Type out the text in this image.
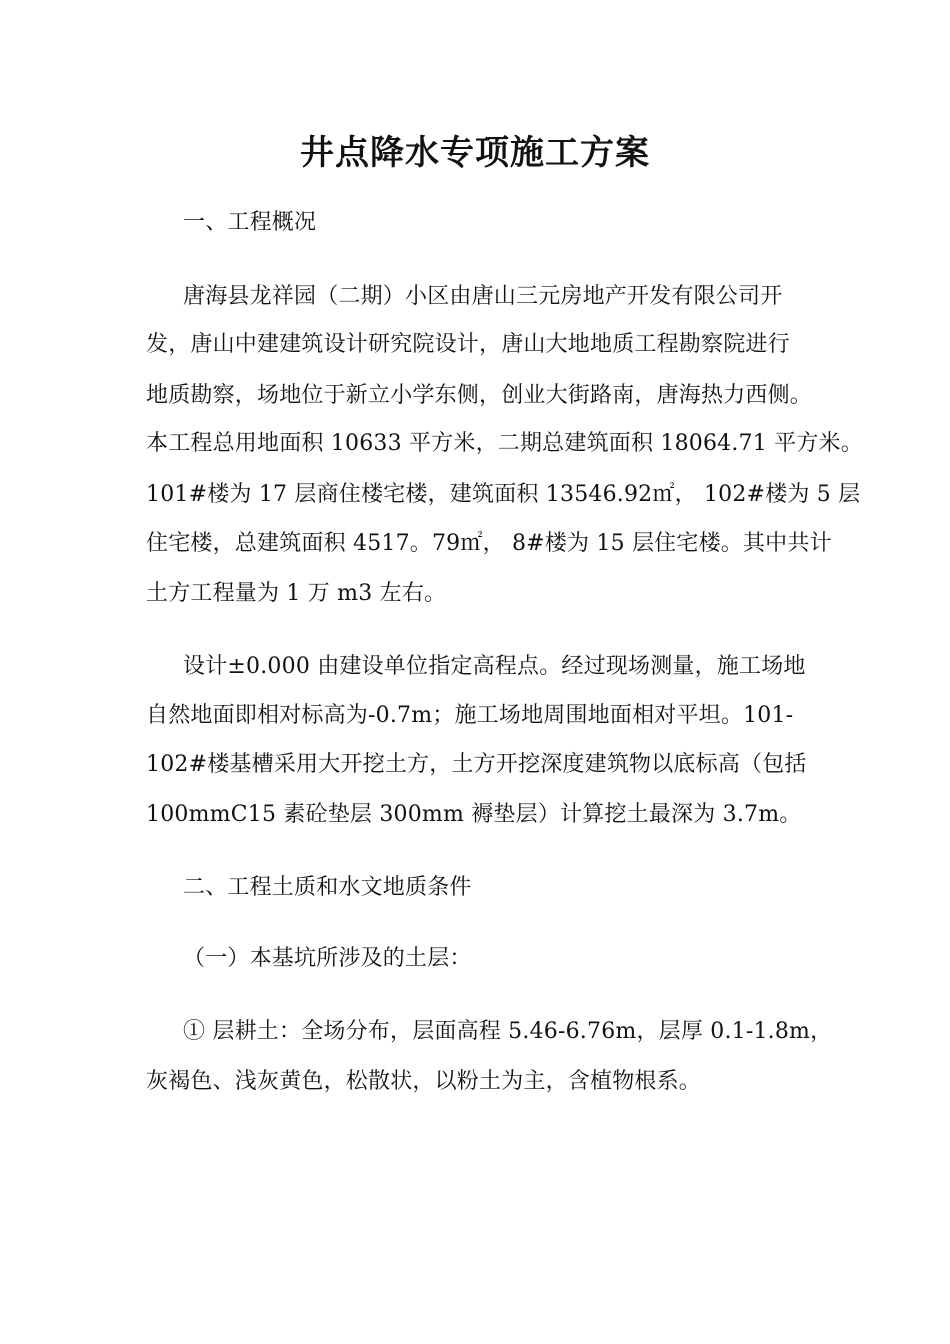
井点降水专项施工方案
一、工程概况
唐海县龙祥园（二期）小区由唐山三元房地产开发有限公司开
发，唐山中建建筑设计研究院设计，唐山大地地质工程勘察院进行
地质勘察，场地位于新立小学东侧，创业大街路南，唐海热力西侧。
本工程总用地面积 10633 平方米，二期总建筑面积 18064.71 平方米。
101#楼为 17 层商住楼宅楼，建筑面积 13546.92㎡， 102#楼为 5 层
住宅楼，总建筑面积 4517。79㎡， 8#楼为 15 层住宅楼。其中共计
土方工程量为 1 万 m3 左右。
设计±0.000 由建设单位指定高程点。经过现场测量，施工场地
自然地面即相对标高为-0.7m；施工场地周围地面相对平坦。101-
102#楼基槽采用大开挖土方，土方开挖深度建筑物以底标高（包括
100mmC15 素砼垫层 300mm 褥垫层）计算挖土最深为 3.7m。
二、工程土质和水文地质条件
（一）本基坑所涉及的土层：
① 层耕土：全场分布，层面高程 5.46-6.76m，层厚 0.1-1.8m，
灰褐色、浅灰黄色，松散状，以粉土为主，含植物根系。
